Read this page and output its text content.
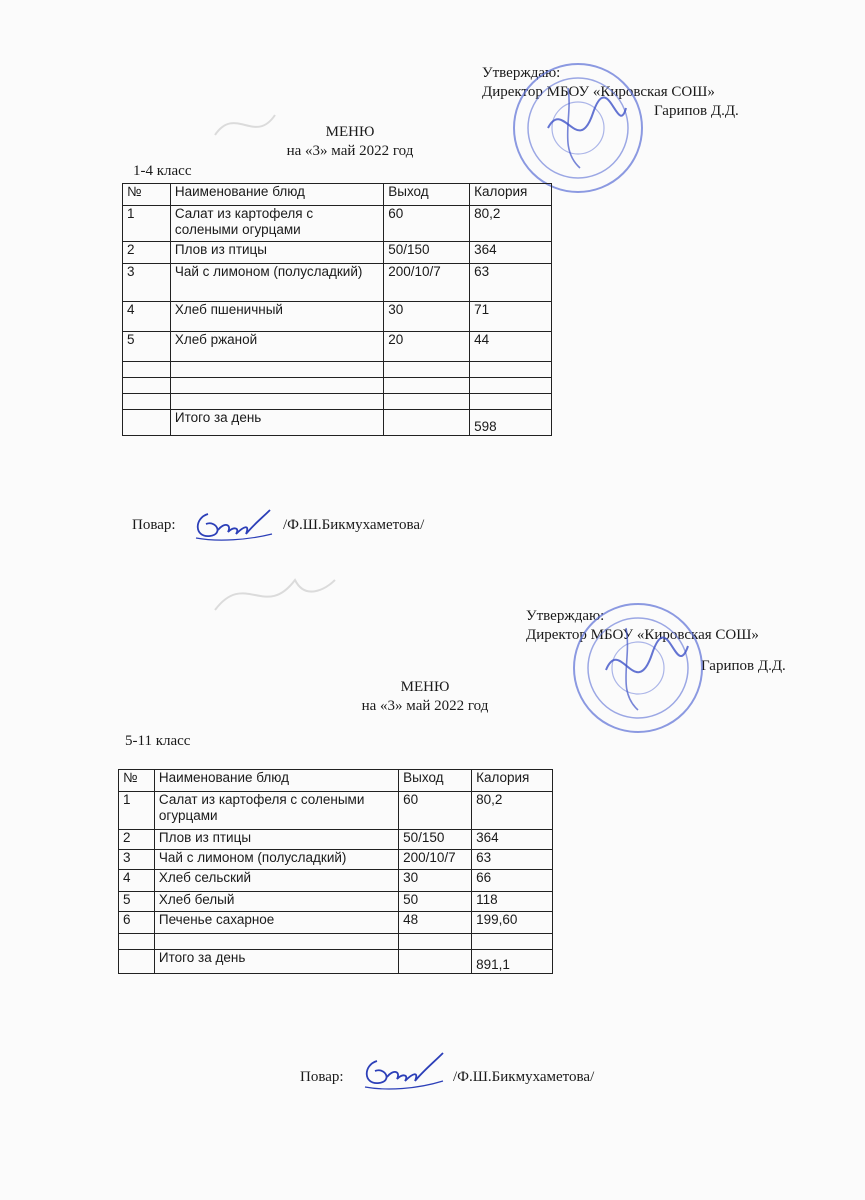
Утверждаю:
Директор МБОУ «Кировская СОШ»
Гарипов Д.Д.
МЕНЮ
на «3» май 2022 год
1-4 класс
№	Наименование блюд	Выход	Калория
1	Салат из картофеля с солеными огурцами	60	80,2
2	Плов из птицы	50/150	364
3	Чай с лимоном (полусладкий)	200/10/7	63
4	Хлеб пшеничный	30	71
5	Хлеб ржаной	20	44

	Итого за день		598
Повар:	/Ф.Ш.Бикмухаметова/
Утверждаю:
Директор МБОУ «Кировская СОШ»
Гарипов Д.Д.
МЕНЮ
на «3» май 2022 год
5-11 класс
№	Наименование блюд	Выход	Калория
1	Салат из картофеля с солеными огурцами	60	80,2
2	Плов из птицы	50/150	364
3	Чай с лимоном (полусладкий)	200/10/7	63
4	Хлеб сельский	30	66
5	Хлеб белый	50	118
6	Печенье сахарное	48	199,60

	Итого за день		891,1
Повар:	/Ф.Ш.Бикмухаметова/
